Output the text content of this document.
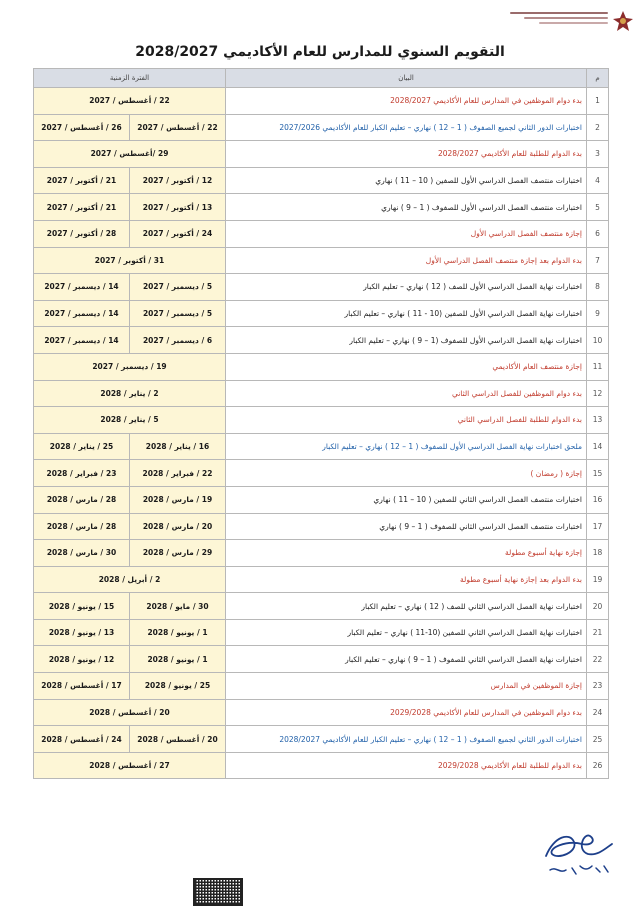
التقويم السنوي للمدارس للعام الأكاديمي 2028/2027
م	البيان	الفترة الزمنية	
1	بدء دوام الموظفين في المدارس للعام الأكاديمي 2028/2027	22 / أغسطس / 2027	
2	اختبارات الدور الثاني لجميع الصفوف ( 1 – 12 ) نهاري – تعليم الكبار للعام الأكاديمي 2027/2026	22 / أغسطس / 2027	26 / أغسطس / 2027
3	بدء الدوام للطلبة للعام الأكاديمي 2028/2027	29 /أغسطس / 2027	
4	اختبارات منتصف الفصل الدراسي الأول للصفين ( 10 – 11 ) نهاري	12 / أكتوبر / 2027	21 / أكتوبر / 2027
5	اختبارات منتصف الفصل الدراسي الأول للصفوف ( 1 – 9 ) نهاري	13 / أكتوبر / 2027	21 / أكتوبر / 2027
6	إجازة منتصف الفصل الدراسي الأول	24 / أكتوبر / 2027	28 / أكتوبر / 2027
7	بدء الدوام بعد إجازة منتصف الفصل الدراسي الأول	31 / أكتوبر / 2027	
8	اختبارات نهاية الفصل الدراسي الأول للصف ( 12 ) نهاري – تعليم الكبار	5 / ديسمبر / 2027	14 / ديسمبر / 2027
9	اختبارات نهاية الفصل الدراسي الأول للصفين (10 - 11 ) نهاري – تعليم الكبار	5 / ديسمبر / 2027	14 / ديسمبر / 2027
10	اختبارات نهاية الفصل الدراسي الأول للصفوف (1 – 9 ) نهاري – تعليم الكبار	6 / ديسمبر / 2027	14 / ديسمبر / 2027
11	إجازة منتصف العام الأكاديمي	19 / ديسمبر / 2027	
12	بدء دوام الموظفين للفصل الدراسي الثاني	2 / يناير / 2028	
13	بدء الدوام للطلبة للفصل الدراسي الثاني	5 / يناير / 2028	
14	ملحق اختبارات نهاية الفصل الدراسي الأول للصفوف ( 1 – 12 ) نهاري – تعليم الكبار	16 / يناير / 2028	25 / يناير / 2028
15	إجازة ( رمضان )	22 / فبراير / 2028	23 / فبراير / 2028
16	اختبارات منتصف الفصل الدراسي الثاني للصفين ( 10 – 11 ) نهاري	19 / مارس / 2028	28 / مارس / 2028
17	اختبارات منتصف الفصل الدراسي الثاني للصفوف ( 1 – 9 ) نهاري	20 / مارس / 2028	28 / مارس / 2028
18	إجازة نهاية أسبوع مطولة	29 / مارس / 2028	30 / مارس / 2028
19	بدء الدوام بعد إجازة نهاية أسبوع مطولة	2 / أبريل / 2028	
20	اختبارات نهاية الفصل الدراسي الثاني للصف ( 12 ) نهاري – تعليم الكبار	30 / مايو / 2028	15 / يونيو / 2028
21	اختبارات نهاية الفصل الدراسي الثاني للصفين (10-11 ) نهاري – تعليم الكبار	1 / يونيو / 2028	13 / يونيو / 2028
22	اختبارات نهاية الفصل الدراسي الثاني للصفوف ( 1 – 9 ) نهاري – تعليم الكبار	1 / يونيو / 2028	12 / يونيو / 2028
23	إجازة الموظفين في المدارس	25 / يونيو / 2028	17 / أغسطس / 2028
24	بدء دوام الموظفين في المدارس للعام الأكاديمي 2029/2028	20 / أغسطس / 2028	
25	اختبارات الدور الثاني لجميع الصفوف ( 1 – 12 ) نهاري – تعليم الكبار للعام الأكاديمي 2028/2027	20 / أغسطس / 2028	24 / أغسطس / 2028
26	بدء الدوام للطلبة للعام الأكاديمي 2029/2028	27 / أغسطس / 2028	
